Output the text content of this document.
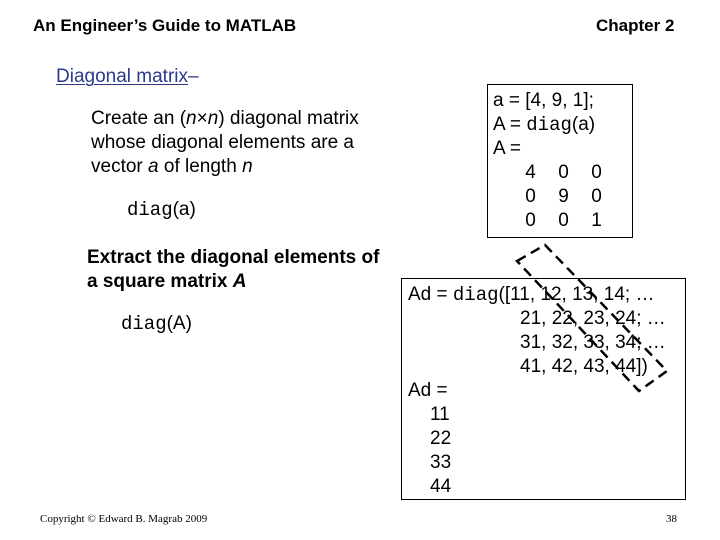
An Engineer’s Guide to MATLAB	Chapter 2
Diagonal matrix–
Create an (n×n) diagonal matrix
whose diagonal elements are a
vector a of length n
diag(a)
a = [4, 9, 1];
A = diag(a)
A =
4	0	0
0	9	0
0	0	1
Extract the diagonal elements of
a square matrix A
diag(A)
Ad = diag([11, 12, 13, 14; …
21, 22, 23, 24; …
31, 32, 33, 34; …
41, 42, 43, 44])
Ad =
11
22
33
44
Copyright © Edward B. Magrab 2009	38
